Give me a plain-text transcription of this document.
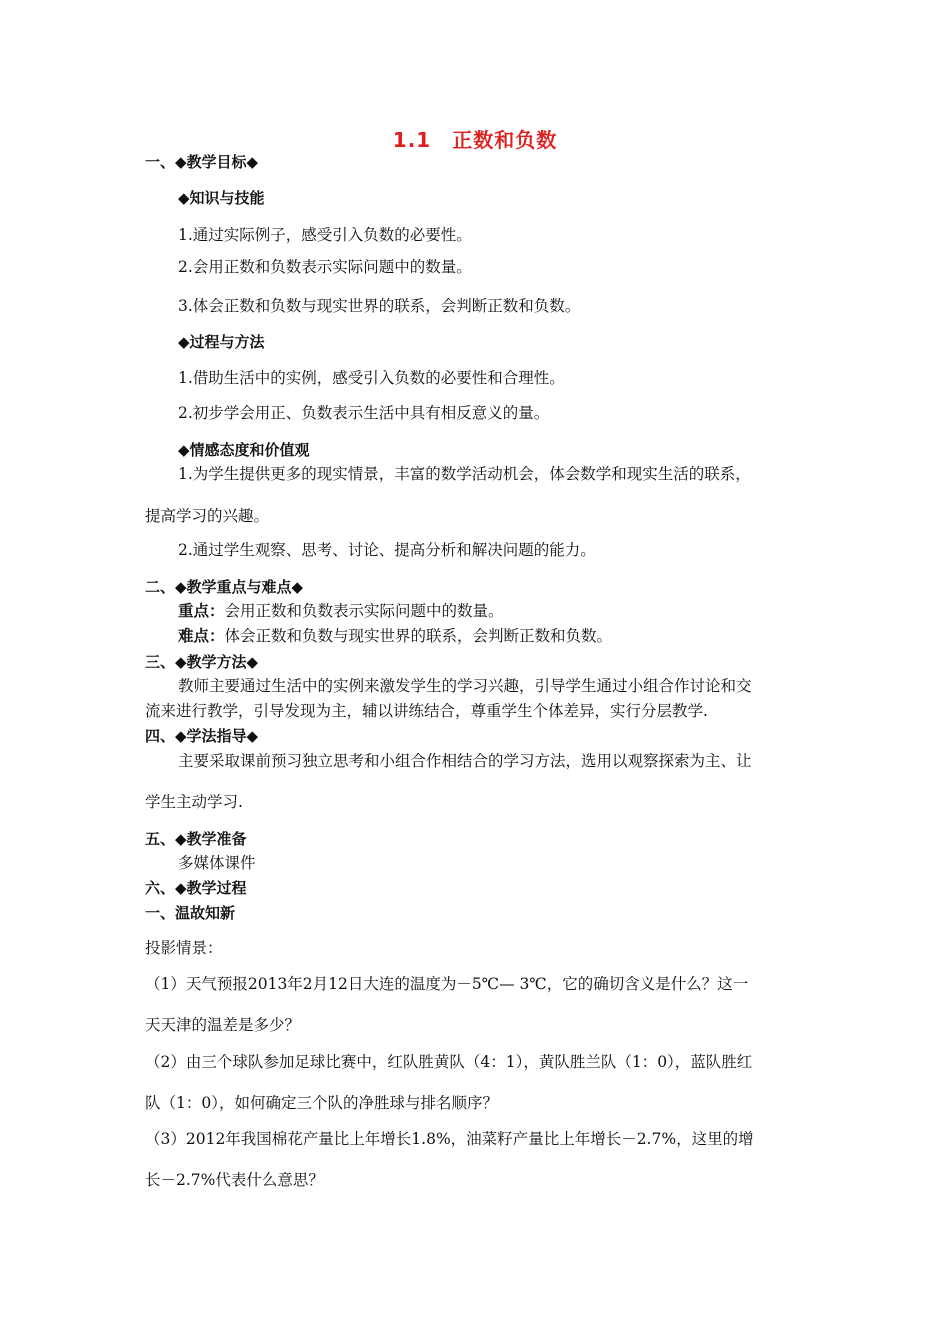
1.1　正数和负数
一、◆教学目标◆
◆知识与技能
1.通过实际例子，感受引入负数的必要性。
2.会用正数和负数表示实际问题中的数量。
3.体会正数和负数与现实世界的联系，会判断正数和负数。
◆过程与方法
1.借助生活中的实例，感受引入负数的必要性和合理性。
2.初步学会用正、负数表示生活中具有相反意义的量。
◆情感态度和价值观
1.为学生提供更多的现实情景，丰富的数学活动机会，体会数学和现实生活的联系，
提高学习的兴趣。
2.通过学生观察、思考、讨论、提高分析和解决问题的能力。
二、◆教学重点与难点◆
重点：会用正数和负数表示实际问题中的数量。
难点：体会正数和负数与现实世界的联系，会判断正数和负数。
三、◆教学方法◆
教师主要通过生活中的实例来激发学生的学习兴趣，引导学生通过小组合作讨论和交
流来进行教学，引导发现为主，辅以讲练结合，尊重学生个体差异，实行分层教学.
四、◆学法指导◆
主要采取课前预习独立思考和小组合作相结合的学习方法，选用以观察探索为主、让
学生主动学习.
五、◆教学准备
多媒体课件
六、◆教学过程
一、温故知新
投影情景：
（1）天气预报2013年2月12日大连的温度为－5℃— 3℃，它的确切含义是什么？这一
天天津的温差是多少？
（2）由三个球队参加足球比赛中，红队胜黄队（4：1），黄队胜兰队（1：0），蓝队胜红
队（1：0），如何确定三个队的净胜球与排名顺序？
（3）2012年我国棉花产量比上年增长1.8%，油菜籽产量比上年增长－2.7%，这里的增
长－2.7%代表什么意思？
